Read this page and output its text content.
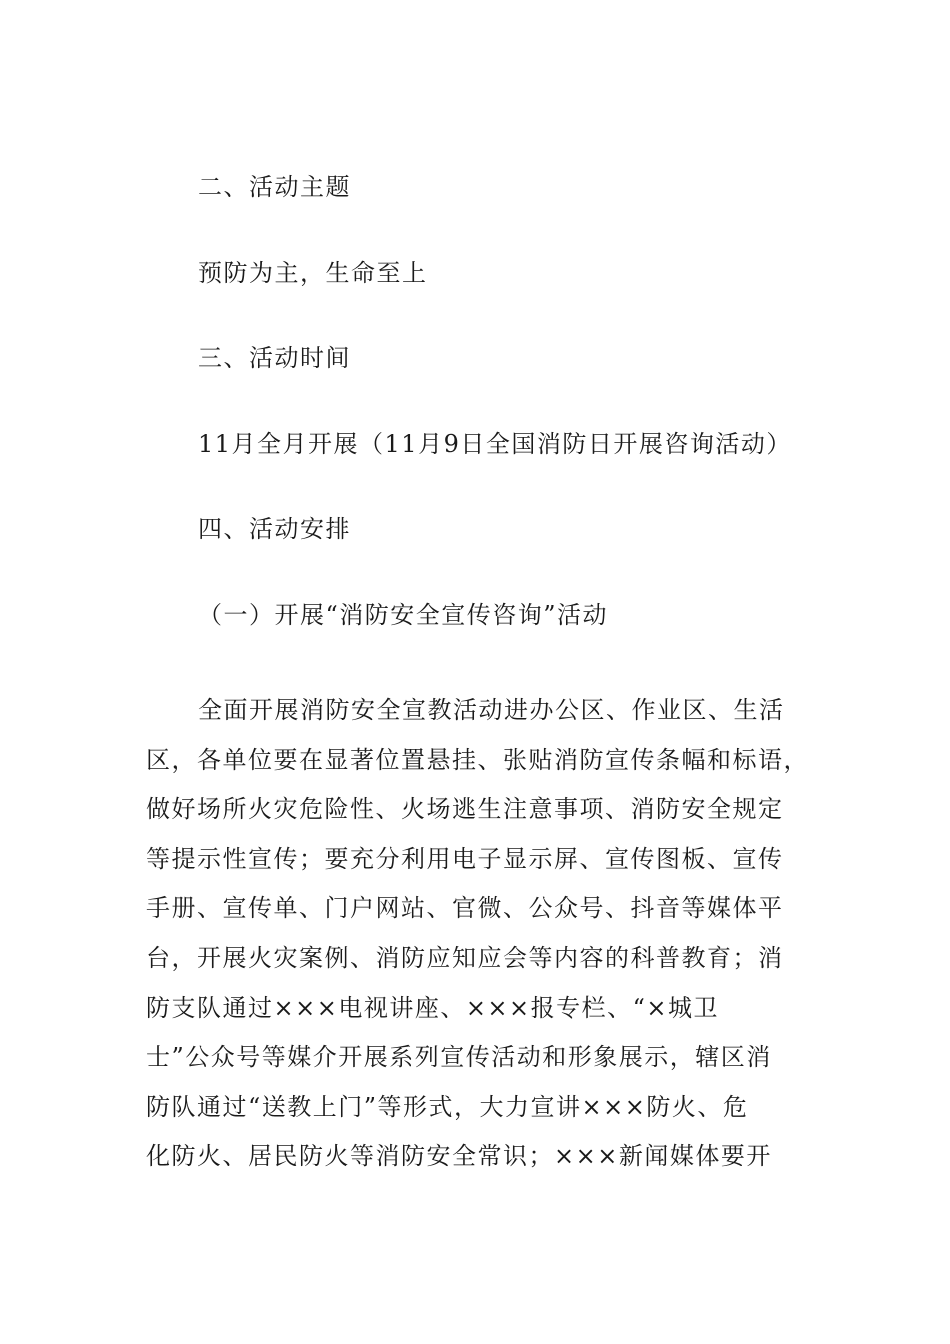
二、活动主题
预防为主，生命至上
三、活动时间
11月全月开展（11月9日全国消防日开展咨询活动）
四、活动安排
（一）开展“消防安全宣传咨询”活动
全面开展消防安全宣教活动进办公区、作业区、生活
区，各单位要在显著位置悬挂、张贴消防宣传条幅和标语，
做好场所火灾危险性、火场逃生注意事项、消防安全规定
等提示性宣传；要充分利用电子显示屏、宣传图板、宣传
手册、宣传单、门户网站、官微、公众号、抖音等媒体平
台，开展火灾案例、消防应知应会等内容的科普教育；消
防支队通过×××电视讲座、×××报专栏、“×城卫
士”公众号等媒介开展系列宣传活动和形象展示，辖区消
防队通过“送教上门”等形式，大力宣讲×××防火、危
化防火、居民防火等消防安全常识；×××新闻媒体要开
